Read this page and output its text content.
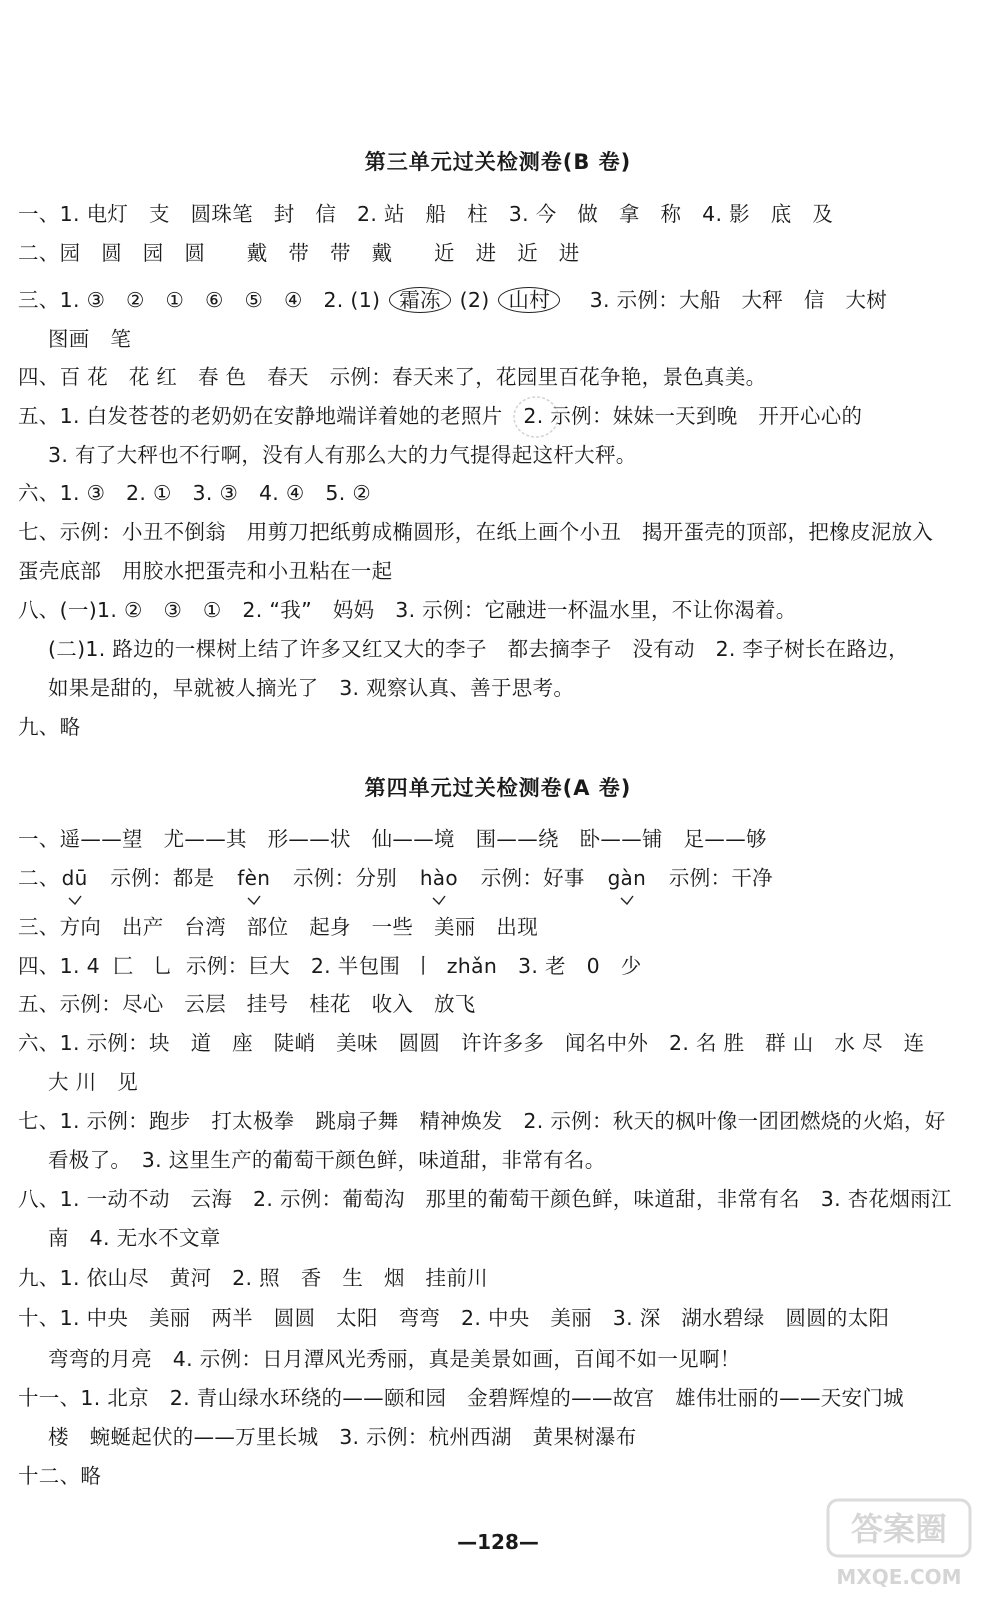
第三单元过关检测卷(B 卷)
一、1. 电灯　支　圆珠笔　封　信　2. 站　船　柱　3. 今　做　拿　称　4. 影　底　及
二、园　圆　园　圆　　戴　带　带　戴　　近　进　近　进
三、1. ③　②　①　⑥　⑤　④　2. (1) 霜冻 (2) 山村 3. 示例：大船　大秤　信　大树
图画　笔
四、百 花　花 红　春 色　春天　示例：春天来了，花园里百花争艳，景色真美。
五、1. 白发苍苍的老奶奶在安静地端详着她的老照片　2. 示例：妹妹一天到晚　开开心心的
3. 有了大秤也不行啊，没有人有那么大的力气提得起这杆大秤。
六、1. ③　2. ①　3. ③　4. ④　5. ②
七、示例：小丑不倒翁　用剪刀把纸剪成椭圆形，在纸上画个小丑　揭开蛋壳的顶部，把橡皮泥放入
蛋壳底部　用胶水把蛋壳和小丑粘在一起
八、(一)1. ②　③　①　2. “我”　妈妈　3. 示例：它融进一杯温水里，不让你渴着。
(二)1. 路边的一棵树上结了许多又红又大的李子　都去摘李子　没有动　2. 李子树长在路边，
如果是甜的，早就被人摘光了　3. 观察认真、善于思考。
九、略
第四单元过关检测卷(A 卷)
一、遥——望　尤——其　形——状　仙——境　围——绕　卧——铺　足——够
二、 dū 示例：都是 fèn 示例：分别 hào 示例：好事 gàn 示例：干净
三、方向　出产　台湾　部位　起身　一些　美丽　出现
四、1. 4 匚 乚 示例：巨大　2. 半包围 丨 zhǎn　3. 老　0　少
五、示例：尽心　云层　挂号　桂花　收入　放飞
六、1. 示例：块　道　座　陡峭　美味　圆圆　许许多多　闻名中外　2. 名 胜　群 山　水 尽　连
大 川　见
七、1. 示例：跑步　打太极拳　跳扇子舞　精神焕发　2. 示例：秋天的枫叶像一团团燃烧的火焰，好
看极了。　3. 这里生产的葡萄干颜色鲜，味道甜，非常有名。
八、1. 一动不动　云海　2. 示例：葡萄沟　那里的葡萄干颜色鲜，味道甜，非常有名　3. 杏花烟雨江
南　4. 无水不文章
九、1. 依山尽　黄河　2. 照　香　生　烟　挂前川
十、1. 中央　美丽　两半　圆圆　太阳　弯弯　2. 中央　美丽　3. 深　湖水碧绿　圆圆的太阳
弯弯的月亮　4. 示例：日月潭风光秀丽，真是美景如画，百闻不如一见啊！
十一、1. 北京　2. 青山绿水环绕的——颐和园　金碧辉煌的——故宫　雄伟壮丽的——天安门城
楼　蜿蜒起伏的——万里长城　3. 示例：杭州西湖　黄果树瀑布
十二、略
—128—	答案圈
MXQE.COM
